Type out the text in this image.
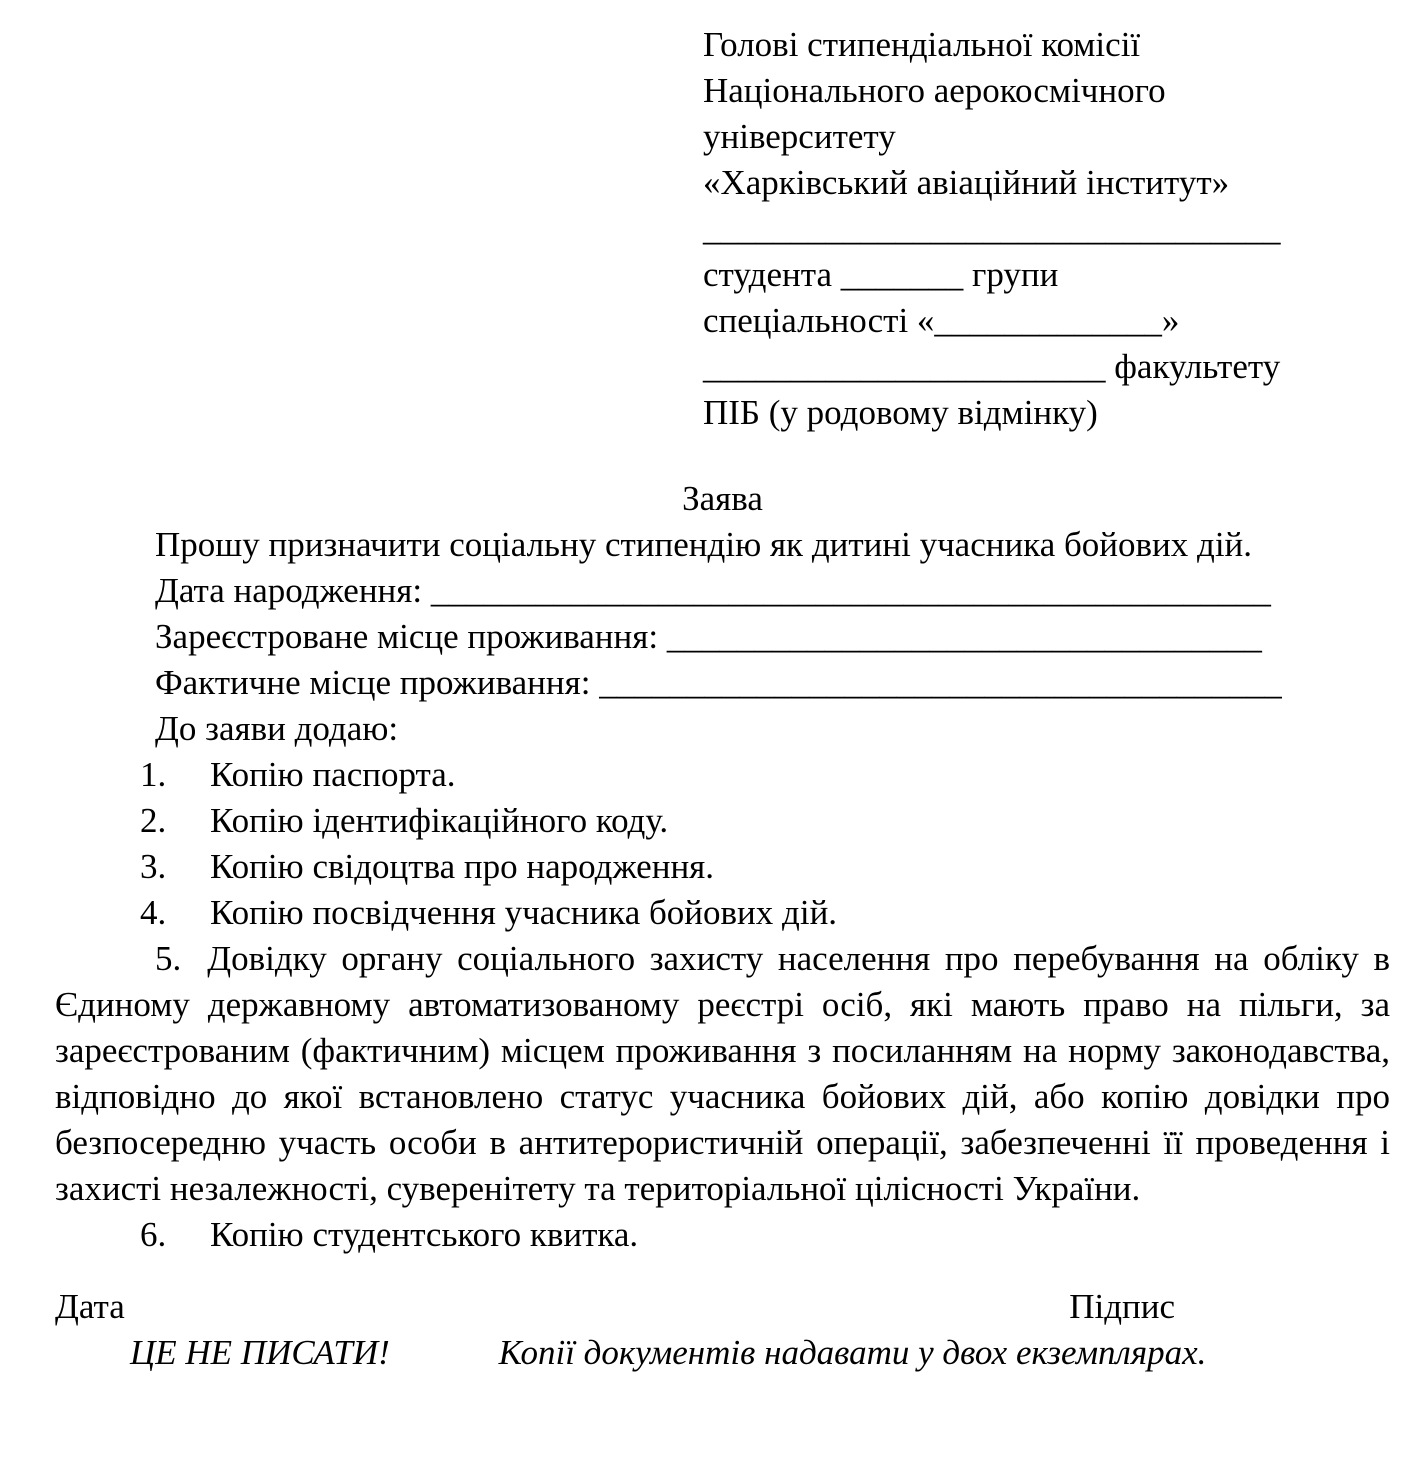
Голові стипендіальної комісії
Національного аерокосмічного
університету
«Харківський авіаційний інститут»
_________________________________
студента _______ групи
спеціальності «_____________»
_______________________ факультету
ПІБ (у родовому відмінку)
Заява

Прошу призначити соціальну стипендію як дитині учасника бойових дій.

Дата народження: ________________________________________________

Зареєстроване місце проживання: __________________________________

Фактичне місце проживання: _______________________________________

До заяви додаю:

1. Копію паспорта.
2. Копію ідентифікаційного коду.
3. Копію свідоцтва про народження.
4. Копію посвідчення учасника бойових дій.

5. Довідку органу соціального захисту населення про перебування на обліку в Єдиному державному автоматизованому реєстрі осіб, які мають право на пільги, за зареєстрованим (фактичним) місцем проживання з посиланням на норму законодавства, відповідно до якої встановлено статус учасника бойових дій, або копію довідки про безпосередню участь особи в антитерористичній операції, забезпеченні її проведення і захисті незалежності, суверенітету та територіальної цілісності України.

6. Копію студентського квитка.
Дата	Підпис
ЦЕ НЕ ПИСАТИ!	Копії документів надавати у двох екземплярах.
